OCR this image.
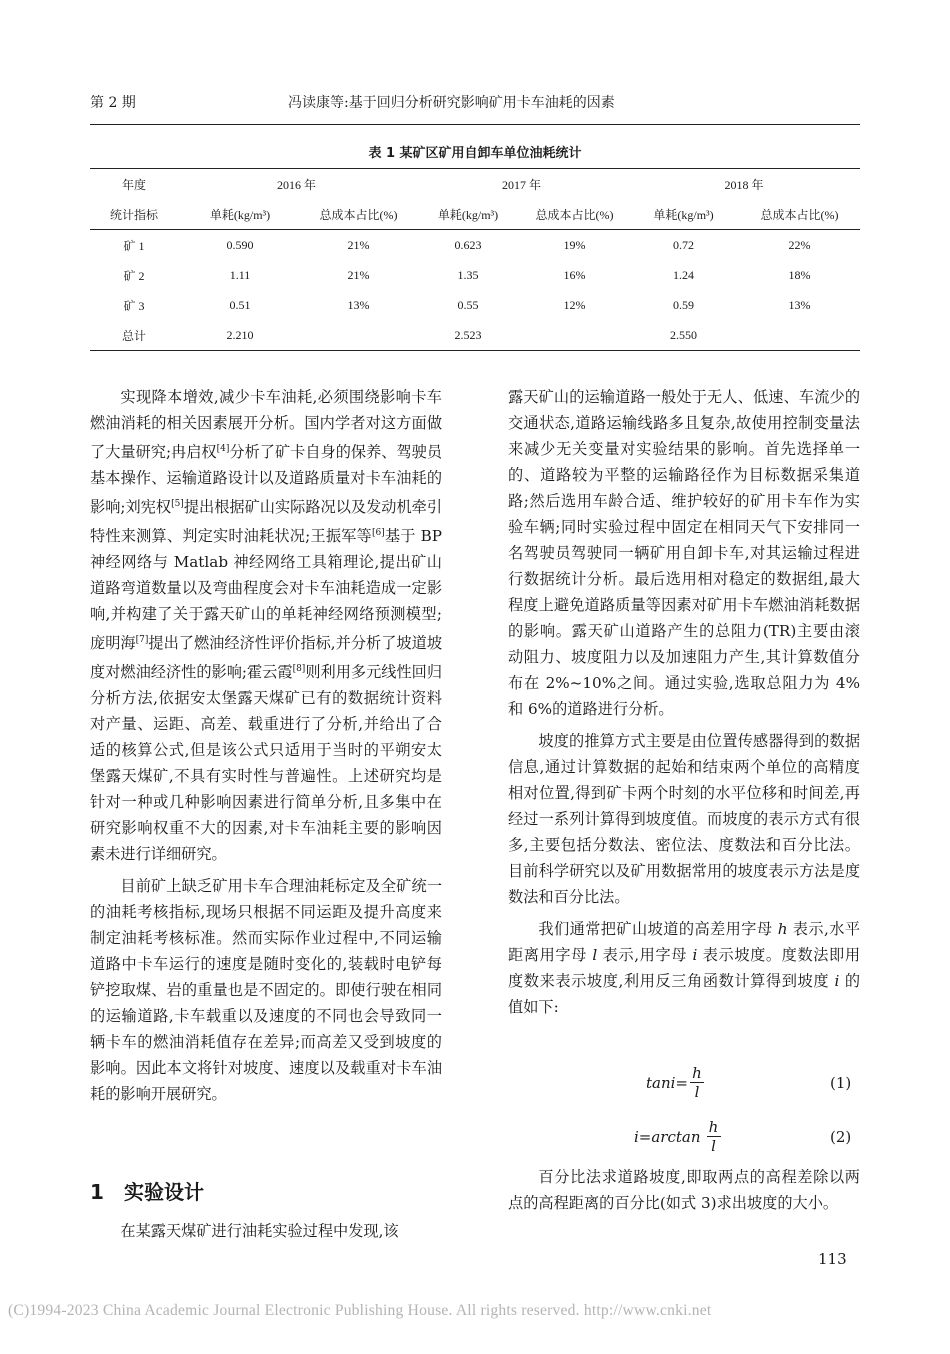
第 2 期	冯读康等:基于回归分析研究影响矿用卡车油耗的因素
表 1 某矿区矿用自卸车单位油耗统计
年度	2016 年		2017 年		2018 年	
统计指标	单耗(kg/m³)	总成本占比(%)	单耗(kg/m³)	总成本占比(%)	单耗(kg/m³)	总成本占比(%)
矿 1	0.590	21%	0.623	19%	0.72	22%
矿 2	1.11	21%	1.35	16%	1.24	18%
矿 3	0.51	13%	0.55	12%	0.59	13%
总计	2.210		2.523		2.550	

实现降本增效,减少卡车油耗,必须围绕影响卡车燃油消耗的相关因素展开分析。国内学者对这方面做了大量研究;冉启权[4]分析了矿卡自身的保养、驾驶员基本操作、运输道路设计以及道路质量对卡车油耗的影响;刘宪权[5]提出根据矿山实际路况以及发动机牵引特性来测算、判定实时油耗状况;王振军等[6]基于 BP 神经网络与 Matlab 神经网络工具箱理论,提出矿山道路弯道数量以及弯曲程度会对卡车油耗造成一定影响,并构建了关于露天矿山的单耗神经网络预测模型;庞明海[7]提出了燃油经济性评价指标,并分析了坡道坡度对燃油经济性的影响;霍云霞[8]则利用多元线性回归分析方法,依据安太堡露天煤矿已有的数据统计资料对产量、运距、高差、载重进行了分析,并给出了合适的核算公式,但是该公式只适用于当时的平朔安太堡露天煤矿,不具有实时性与普遍性。上述研究均是针对一种或几种影响因素进行简单分析,且多集中在研究影响权重不大的因素,对卡车油耗主要的影响因素未进行详细研究。

目前矿上缺乏矿用卡车合理油耗标定及全矿统一的油耗考核指标,现场只根据不同运距及提升高度来制定油耗考核标准。然而实际作业过程中,不同运输道路中卡车运行的速度是随时变化的,装载时电铲每铲挖取煤、岩的重量也是不固定的。即使行驶在相同的运输道路,卡车载重以及速度的不同也会导致同一辆卡车的燃油消耗值存在差异;而高差又受到坡度的影响。因此本文将针对坡度、速度以及载重对卡车油耗的影响开展研究。

1 实验设计

在某露天煤矿进行油耗实验过程中发现,该

露天矿山的运输道路一般处于无人、低速、车流少的交通状态,道路运输线路多且复杂,故使用控制变量法来减少无关变量对实验结果的影响。首先选择单一的、道路较为平整的运输路径作为目标数据采集道路;然后选用车龄合适、维护较好的矿用卡车作为实验车辆;同时实验过程中固定在相同天气下安排同一名驾驶员驾驶同一辆矿用自卸卡车,对其运输过程进行数据统计分析。最后选用相对稳定的数据组,最大程度上避免道路质量等因素对矿用卡车燃油消耗数据的影响。露天矿山道路产生的总阻力(TR)主要由滚动阻力、坡度阻力以及加速阻力产生,其计算数值分布在 2%~10%之间。通过实验,选取总阻力为 4%和 6%的道路进行分析。

坡度的推算方式主要是由位置传感器得到的数据信息,通过计算数据的起始和结束两个单位的高精度相对位置,得到矿卡两个时刻的水平位移和时间差,再经过一系列计算得到坡度值。而坡度的表示方式有很多,主要包括分数法、密位法、度数法和百分比法。目前科学研究以及矿用数据常用的坡度表示方法是度数法和百分比法。

我们通常把矿山坡道的高差用字母 h 表示,水平距离用字母 l 表示,用字母 i 表示坡度。度数法即用度数来表示坡度,利用反三角函数计算得到坡度 i 的值如下:

$\tan i= \frac{h}{l}$	(1)
$i=\arctan \frac{h}{l}$	(2)

百分比法求道路坡度,即取两点的高程差除以两点的高程距离的百分比(如式 3)求出坡度的大小。

113
(C)1994-2023 China Academic Journal Electronic Publishing House. All rights reserved. http://www.cnki.net
